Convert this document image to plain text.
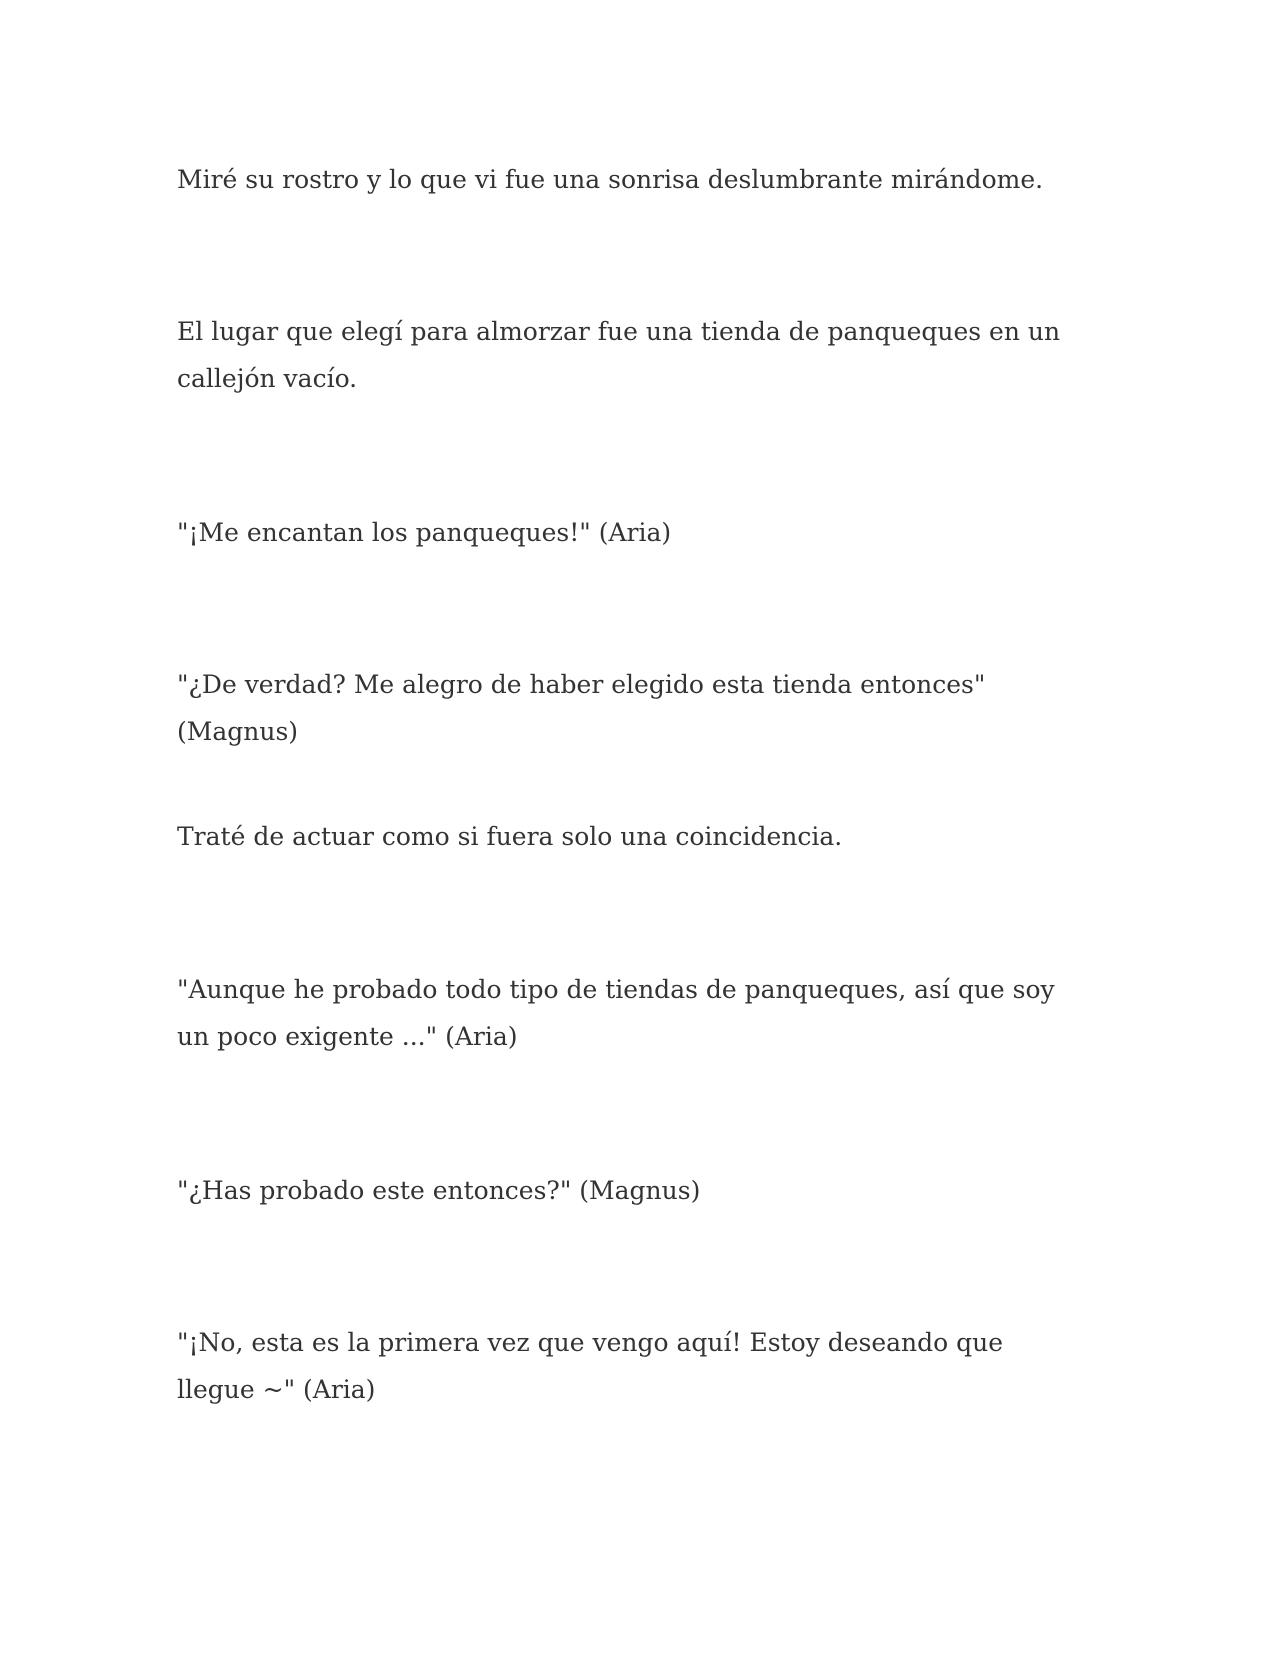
Miré su rostro y lo que vi fue una sonrisa deslumbrante mirándome.

El lugar que elegí para almorzar fue una tienda de panqueques en un callejón vacío.

"¡Me encantan los panqueques!" (Aria)

"¿De verdad? Me alegro de haber elegido esta tienda entonces" (Magnus)

Traté de actuar como si fuera solo una coincidencia.

"Aunque he probado todo tipo de tiendas de panqueques, así que soy un poco exigente ..." (Aria)

"¿Has probado este entonces?" (Magnus)

"¡No, esta es la primera vez que vengo aquí! Estoy deseando que llegue ~" (Aria)
